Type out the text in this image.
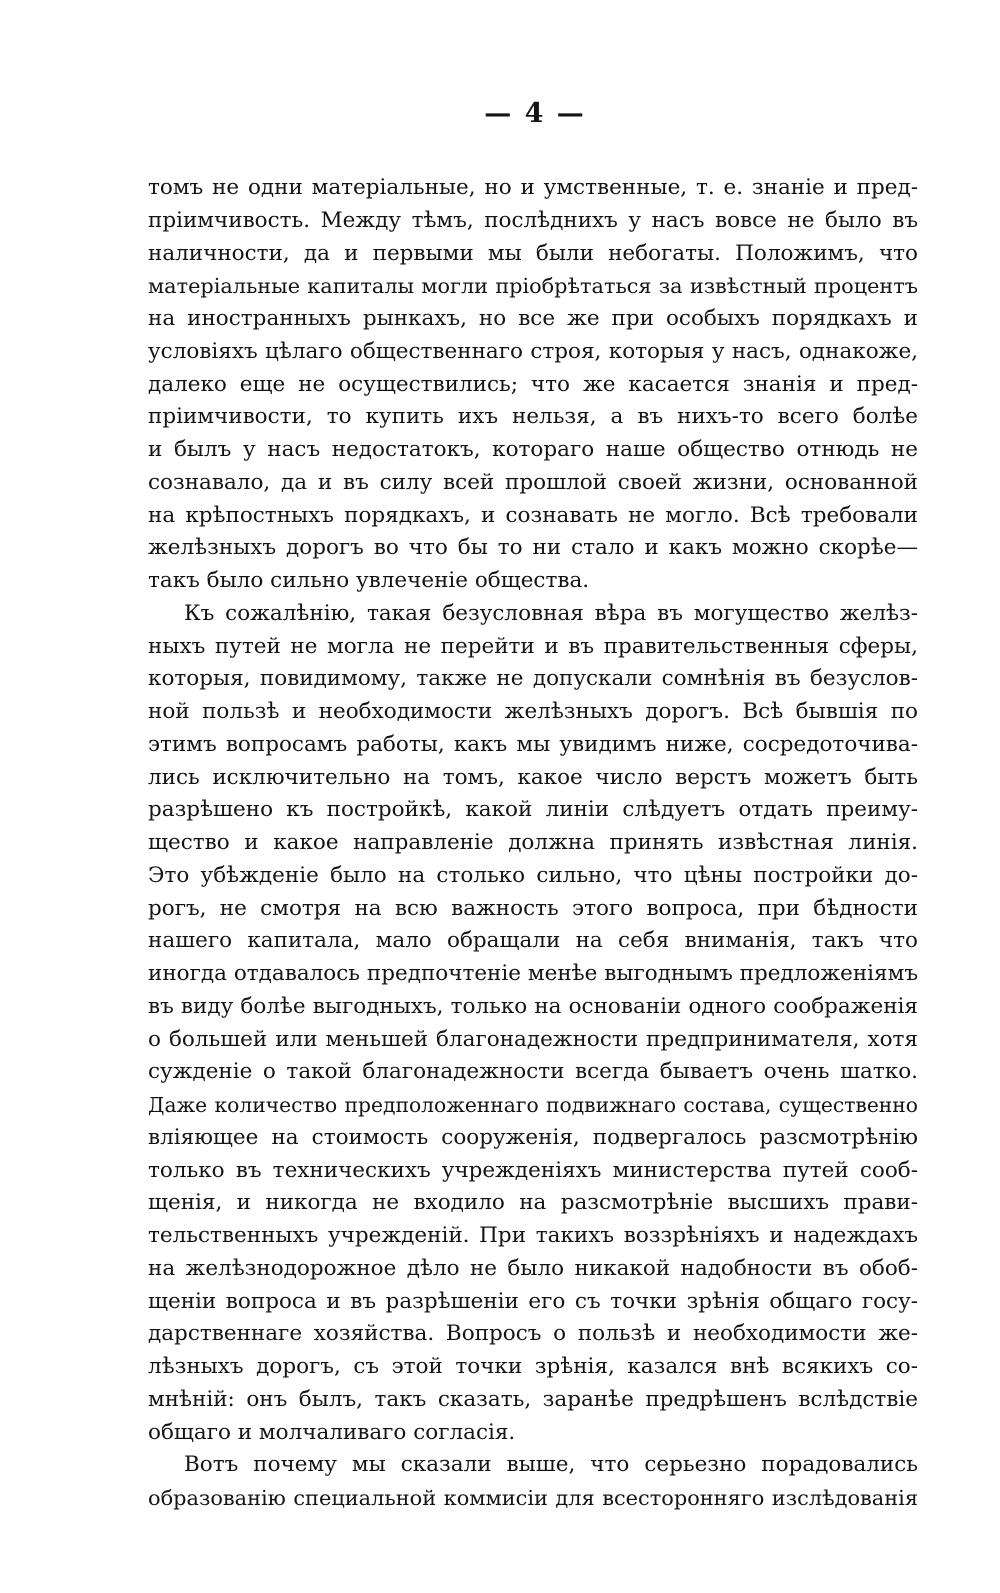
— 4 —
томъ не одни матеріальные, но и умственные, т. е. знаніе и пред-
пріимчивость. Между тѣмъ, послѣднихъ у насъ вовсе не было въ
наличности, да и первыми мы были небогаты. Положимъ, что
матеріальные капиталы могли пріобрѣтаться за извѣстный процентъ
на иностранныхъ рынкахъ, но все же при особыхъ порядкахъ и
условіяхъ цѣлаго общественнаго строя, которыя у насъ, однакоже,
далеко еще не осуществились; что же касается знанія и пред-
пріимчивости, то купить ихъ нельзя, а въ нихъ-то всего болѣе
и былъ у насъ недостатокъ, котораго наше общество отнюдь не
сознавало, да и въ силу всей прошлой своей жизни, основанной
на крѣпостныхъ порядкахъ, и сознавать не могло. Всѣ требовали
желѣзныхъ дорогъ во что бы то ни стало и какъ можно скорѣе—
такъ было сильно увлеченіе общества.
Къ сожалѣнію, такая безусловная вѣра въ могущество желѣз-
ныхъ путей не могла не перейти и въ правительственныя сферы,
которыя, повидимому, также не допускали сомнѣнія въ безуслов-
ной пользѣ и необходимости желѣзныхъ дорогъ. Всѣ бывшія по
этимъ вопросамъ работы, какъ мы увидимъ ниже, сосредоточива-
лись исключительно на томъ, какое число верстъ можетъ быть
разрѣшено къ постройкѣ, какой линіи слѣдуетъ отдать преиму-
щество и какое направленіе должна принять извѣстная линія.
Это убѣжденіе было на столько сильно, что цѣны постройки до-
рогъ, не смотря на всю важность этого вопроса, при бѣдности
нашего капитала, мало обращали на себя вниманія, такъ что
иногда отдавалось предпочтеніе менѣе выгоднымъ предложеніямъ
въ виду болѣе выгодныхъ, только на основаніи одного соображенія
о большей или меньшей благонадежности предпринимателя, хотя
сужденіе о такой благонадежности всегда бываетъ очень шатко.
Даже количество предположеннаго подвижнаго состава, существенно
вліяющее на стоимость сооруженія, подвергалось разсмотрѣнію
только въ техническихъ учрежденіяхъ министерства путей сооб-
щенія, и никогда не входило на разсмотрѣніе высшихъ прави-
тельственныхъ учрежденій. При такихъ воззрѣніяхъ и надеждахъ
на желѣзнодорожное дѣло не было никакой надобности въ обоб-
щеніи вопроса и въ разрѣшеніи его съ точки зрѣнія общаго госу-
дарственнаге хозяйства. Вопросъ о пользѣ и необходимости же-
лѣзныхъ дорогъ, съ этой точки зрѣнія, казался внѣ всякихъ со-
мнѣній: онъ былъ, такъ сказать, заранѣе предрѣшенъ вслѣдствіе
общаго и молчаливаго согласія.
Вотъ почему мы сказали выше, что серьезно порадовались
образованію специальной коммисіи для всесторонняго изслѣдованія
